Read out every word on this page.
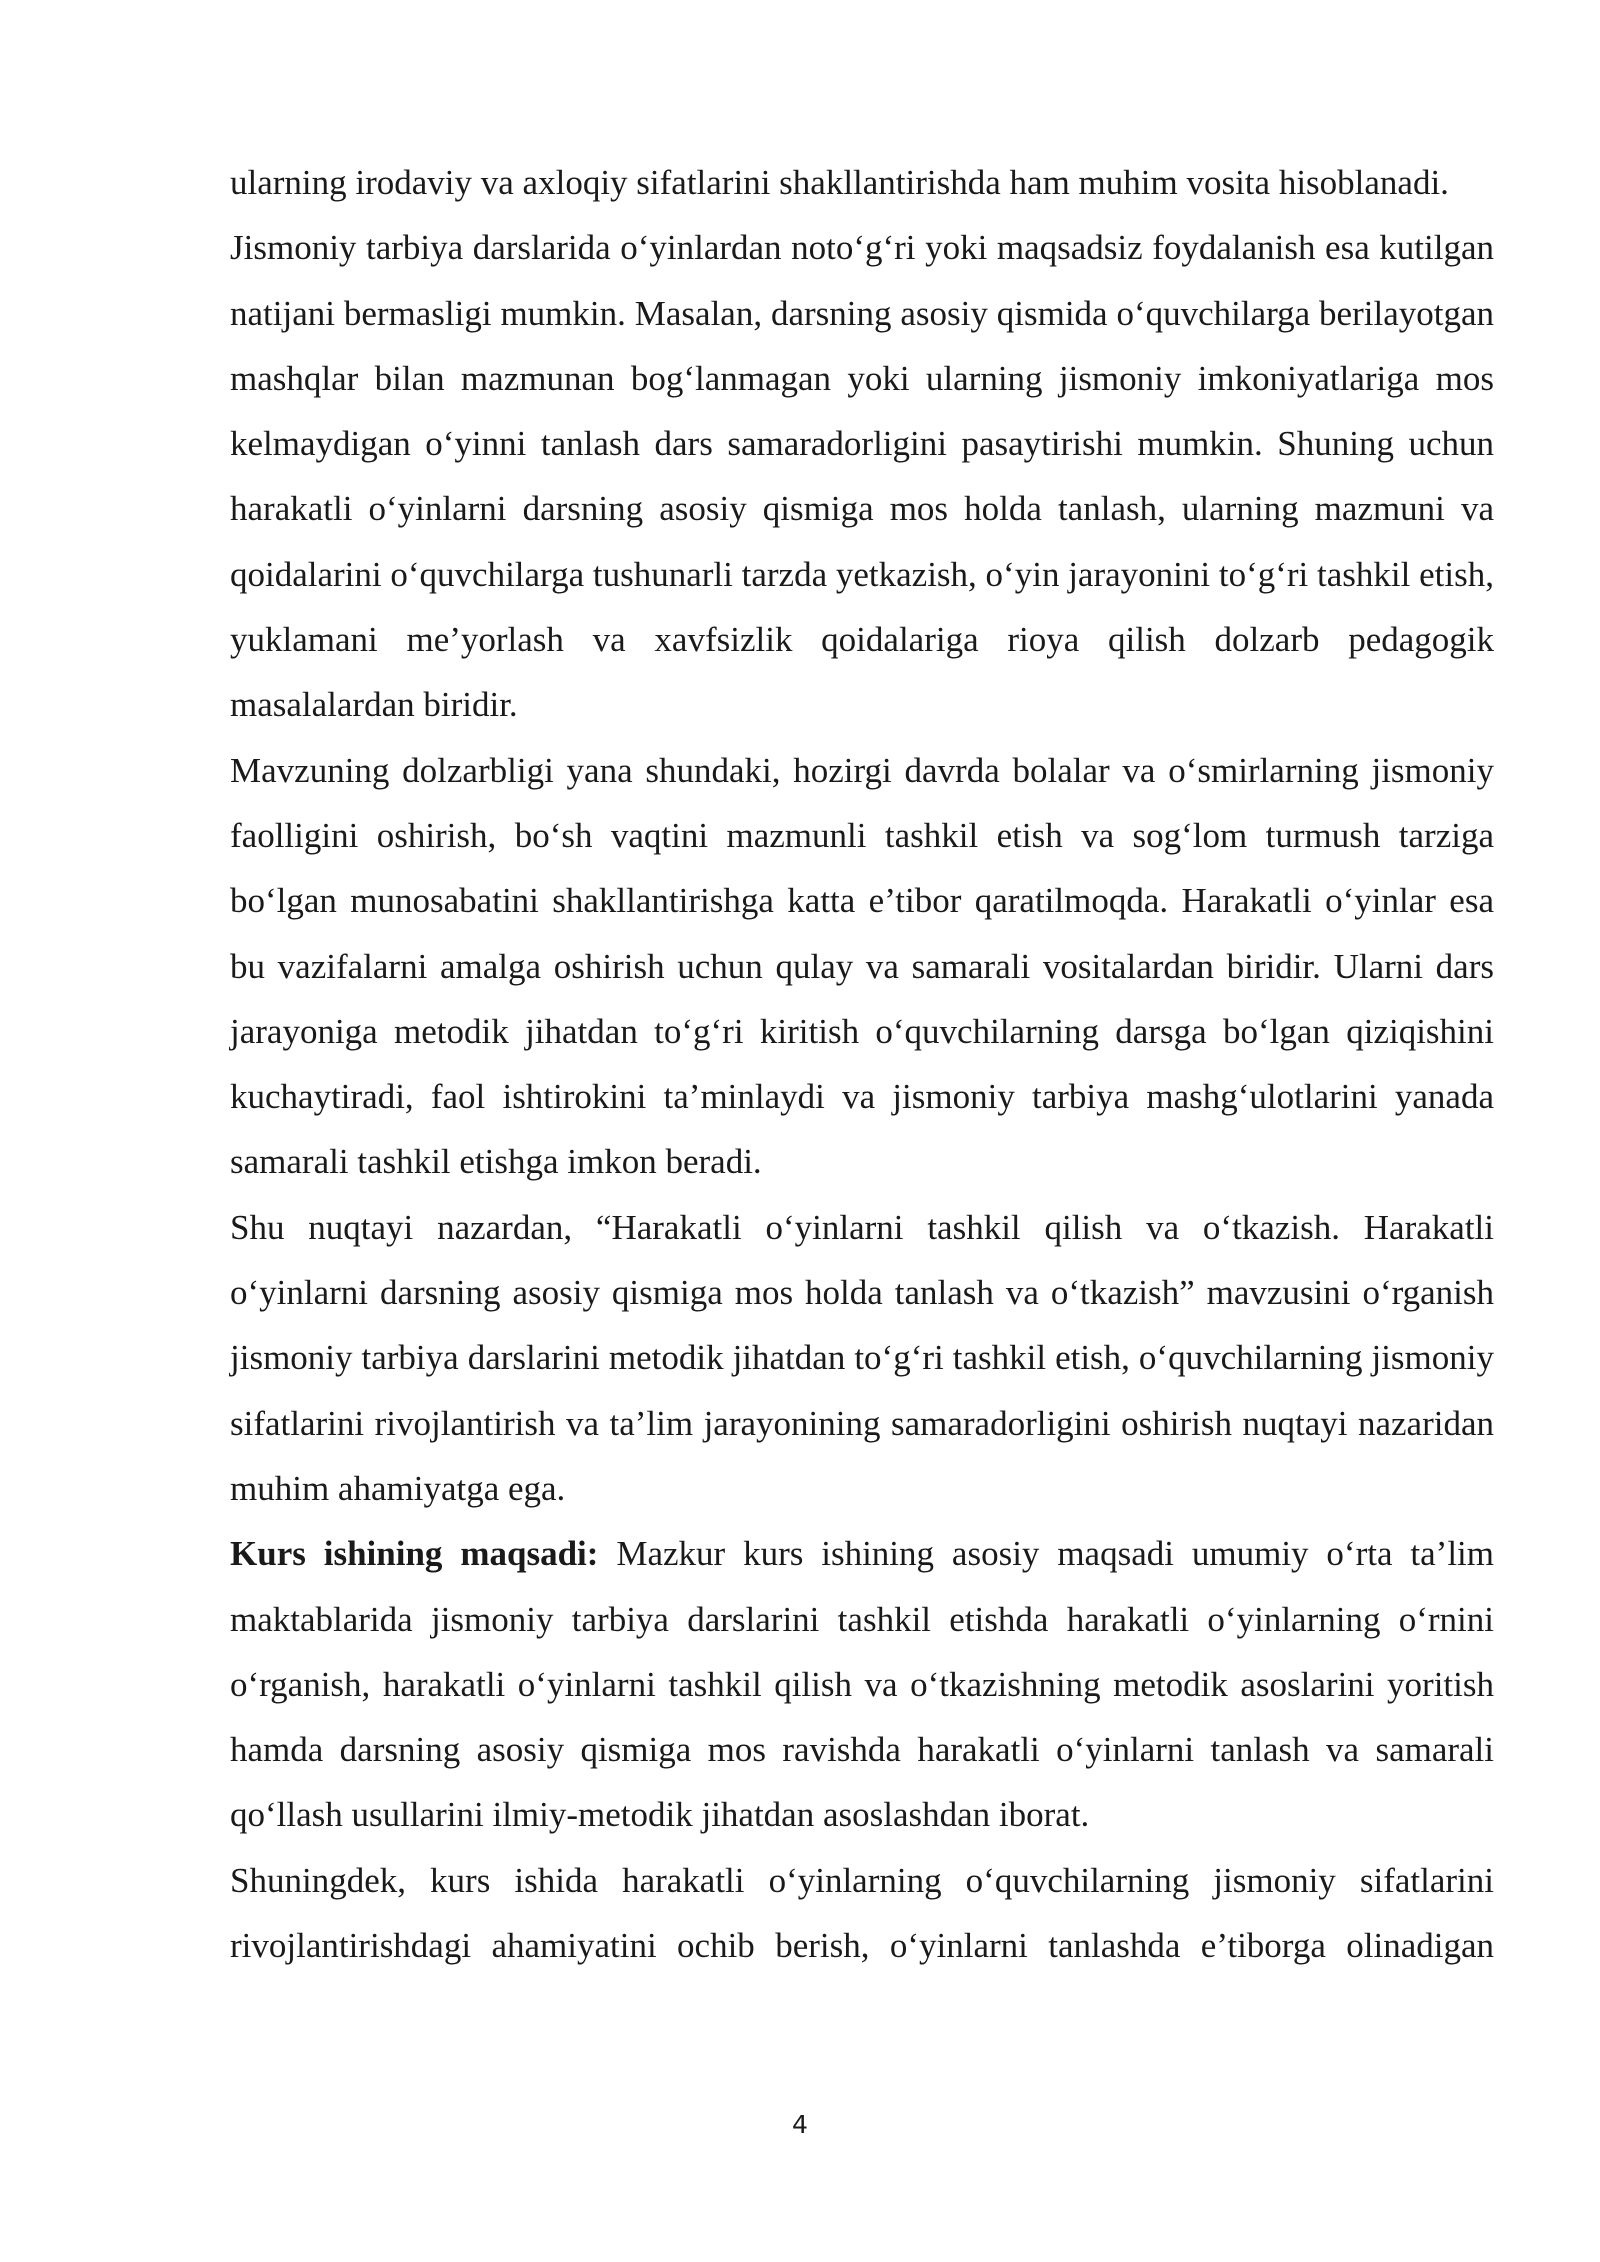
ularning irodaviy va axloqiy sifatlarini shakllantirishda ham muhim vosita hisoblanadi.

Jismoniy tarbiya darslarida o‘yinlardan noto‘g‘ri yoki maqsadsiz foydalanish esa kutilgan natijani bermasligi mumkin. Masalan, darsning asosiy qismida o‘quvchilarga berilayotgan mashqlar bilan mazmunan bog‘lanmagan yoki ularning jismoniy imkoniyatlariga mos kelmaydigan o‘yinni tanlash dars samaradorligini pasaytirishi mumkin. Shuning uchun harakatli o‘yinlarni darsning asosiy qismiga mos holda tanlash, ularning mazmuni va qoidalarini o‘quvchilarga tushunarli tarzda yetkazish, o‘yin jarayonini to‘g‘ri tashkil etish, yuklamani me’yorlash va xavfsizlik qoidalariga rioya qilish dolzarb pedagogik masalalardan biridir.

Mavzuning dolzarbligi yana shundaki, hozirgi davrda bolalar va o‘smirlarning jismoniy faolligini oshirish, bo‘sh vaqtini mazmunli tashkil etish va sog‘lom turmush tarziga bo‘lgan munosabatini shakllantirishga katta e’tibor qaratilmoqda. Harakatli o‘yinlar esa bu vazifalarni amalga oshirish uchun qulay va samarali vositalardan biridir. Ularni dars jarayoniga metodik jihatdan to‘g‘ri kiritish o‘quvchilarning darsga bo‘lgan qiziqishini kuchaytiradi, faol ishtirokini ta’minlaydi va jismoniy tarbiya mashg‘ulotlarini yanada samarali tashkil etishga imkon beradi.

Shu nuqtayi nazardan, “Harakatli o‘yinlarni tashkil qilish va o‘tkazish. Harakatli o‘yinlarni darsning asosiy qismiga mos holda tanlash va o‘tkazish” mavzusini o‘rganish jismoniy tarbiya darslarini metodik jihatdan to‘g‘ri tashkil etish, o‘quvchilarning jismoniy sifatlarini rivojlantirish va ta’lim jarayonining samaradorligini oshirish nuqtayi nazaridan muhim ahamiyatga ega.

Kurs ishining maqsadi: Mazkur kurs ishining asosiy maqsadi umumiy o‘rta ta’lim maktablarida jismoniy tarbiya darslarini tashkil etishda harakatli o‘yinlarning o‘rnini o‘rganish, harakatli o‘yinlarni tashkil qilish va o‘tkazishning metodik asoslarini yoritish hamda darsning asosiy qismiga mos ravishda harakatli o‘yinlarni tanlash va samarali qo‘llash usullarini ilmiy-metodik jihatdan asoslashdan iborat.

Shuningdek, kurs ishida harakatli o‘yinlarning o‘quvchilarning jismoniy sifatlarini rivojlantirishdagi ahamiyatini ochib berish, o‘yinlarni tanlashda e’tiborga olinadigan

4
